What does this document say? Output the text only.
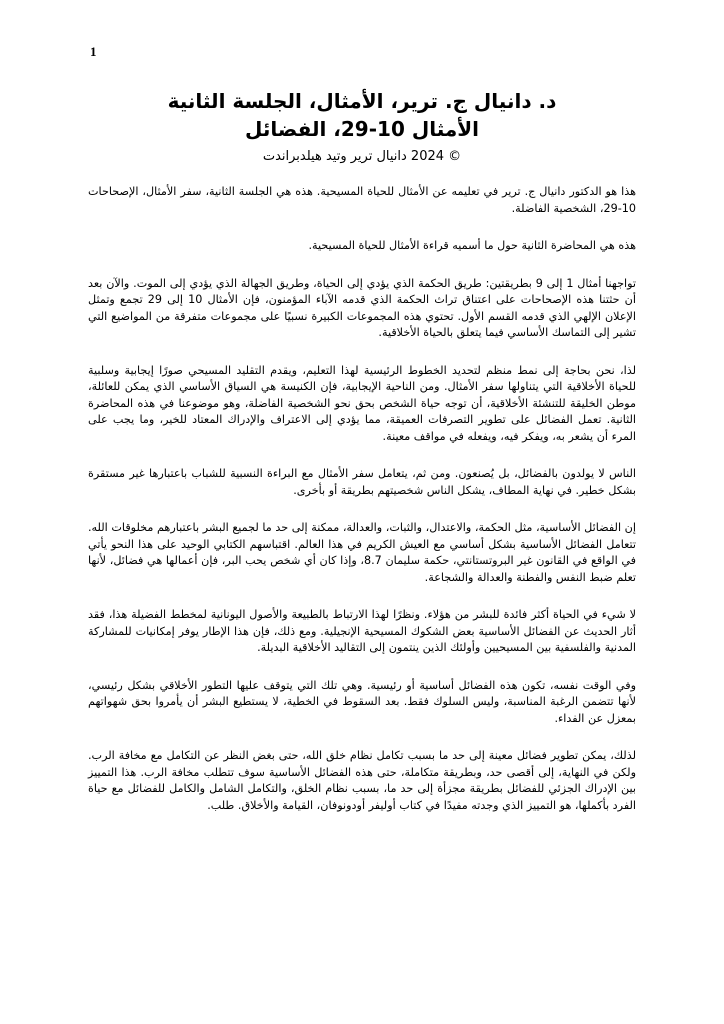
1
د. دانيال ج. ترير، الأمثال، الجلسة الثانية
الأمثال 10-29، الفضائل
© 2024 دانيال ترير وتيد هيلدبراندت

هذا هو الدكتور دانيال ج. ترير في تعليمه عن الأمثال للحياة المسيحية. هذه هي الجلسة الثانية، سفر الأمثال، الإصحاحات 10-29، الشخصية الفاضلة.

هذه هي المحاضرة الثانية حول ما أسميه قراءة الأمثال للحياة المسيحية.

تواجهنا أمثال 1 إلى 9 بطريقتين: طريق الحكمة الذي يؤدي إلى الحياة، وطريق الجهالة الذي يؤدي إلى الموت. والآن بعد أن حثتنا هذه الإصحاحات على اعتناق تراث الحكمة الذي قدمه الآباء المؤمنون، فإن الأمثال 10 إلى 29 تجمع وتمثل الإعلان الإلهي الذي قدمه القسم الأول. تحتوي هذه المجموعات الكبيرة نسبيًا على مجموعات متفرقة من المواضيع التي تشير إلى التماسك الأساسي فيما يتعلق بالحياة الأخلاقية.

لذا، نحن بحاجة إلى نمط منظم لتحديد الخطوط الرئيسية لهذا التعليم، ويقدم التقليد المسيحي صورًا إيجابية وسلبية للحياة الأخلاقية التي يتناولها سفر الأمثال. ومن الناحية الإيجابية، فإن الكنيسة هي السياق الأساسي الذي يمكن للعائلة، موطن الخليقة للتنشئة الأخلاقية، أن توجه حياة الشخص بحق نحو الشخصية الفاضلة، وهو موضوعنا في هذه المحاضرة الثانية. تعمل الفضائل على تطوير التصرفات العميقة، مما يؤدي إلى الاعتراف والإدراك المعتاد للخير، وما يجب على المرء أن يشعر به، ويفكر فيه، ويفعله في مواقف معينة.

الناس لا يولدون بالفضائل، بل يُصنعون. ومن ثم، يتعامل سفر الأمثال مع البراءة النسبية للشباب باعتبارها غير مستقرة بشكل خطير. في نهاية المطاف، يشكل الناس شخصيتهم بطريقة أو بأخرى.

إن الفضائل الأساسية، مثل الحكمة، والاعتدال، والثبات، والعدالة، ممكنة إلى حد ما لجميع البشر باعتبارهم مخلوقات الله. تتعامل الفضائل الأساسية بشكل أساسي مع العيش الكريم في هذا العالم. اقتباسهم الكتابي الوحيد على هذا النحو يأتي في الواقع في القانون غير البروتستانتي، حكمة سليمان 8.7، وإذا كان أي شخص يحب البر، فإن أعمالها هي فضائل، لأنها تعلم ضبط النفس والفطنة والعدالة والشجاعة.

لا شيء في الحياة أكثر فائدة للبشر من هؤلاء. ونظرًا لهذا الارتباط بالطبيعة والأصول اليونانية لمخطط الفضيلة هذا، فقد أثار الحديث عن الفضائل الأساسية بعض الشكوك المسيحية الإنجيلية. ومع ذلك، فإن هذا الإطار يوفر إمكانيات للمشاركة المدنية والفلسفية بين المسيحيين وأولئك الذين ينتمون إلى التقاليد الأخلاقية البديلة.

وفي الوقت نفسه، تكون هذه الفضائل أساسية أو رئيسية. وهي تلك التي يتوقف عليها التطور الأخلاقي بشكل رئيسي، لأنها تتضمن الرغبة المناسبة، وليس السلوك فقط. بعد السقوط في الخطية، لا يستطيع البشر أن يأمروا بحق شهواتهم بمعزل عن الفداء.

لذلك، يمكن تطوير فضائل معينة إلى حد ما بسبب تكامل نظام خلق الله، حتى بغض النظر عن التكامل مع مخافة الرب. ولكن في النهاية، إلى أقصى حد، وبطريقة متكاملة، حتى هذه الفضائل الأساسية سوف تتطلب مخافة الرب. هذا التمييز بين الإدراك الجزئي للفضائل بطريقة مجزأة إلى حد ما، بسبب نظام الخلق، والتكامل الشامل والكامل للفضائل مع حياة الفرد بأكملها، هو التمييز الذي وجدته مفيدًا في كتاب أوليفر أودونوفان، القيامة والأخلاق. طلب.
